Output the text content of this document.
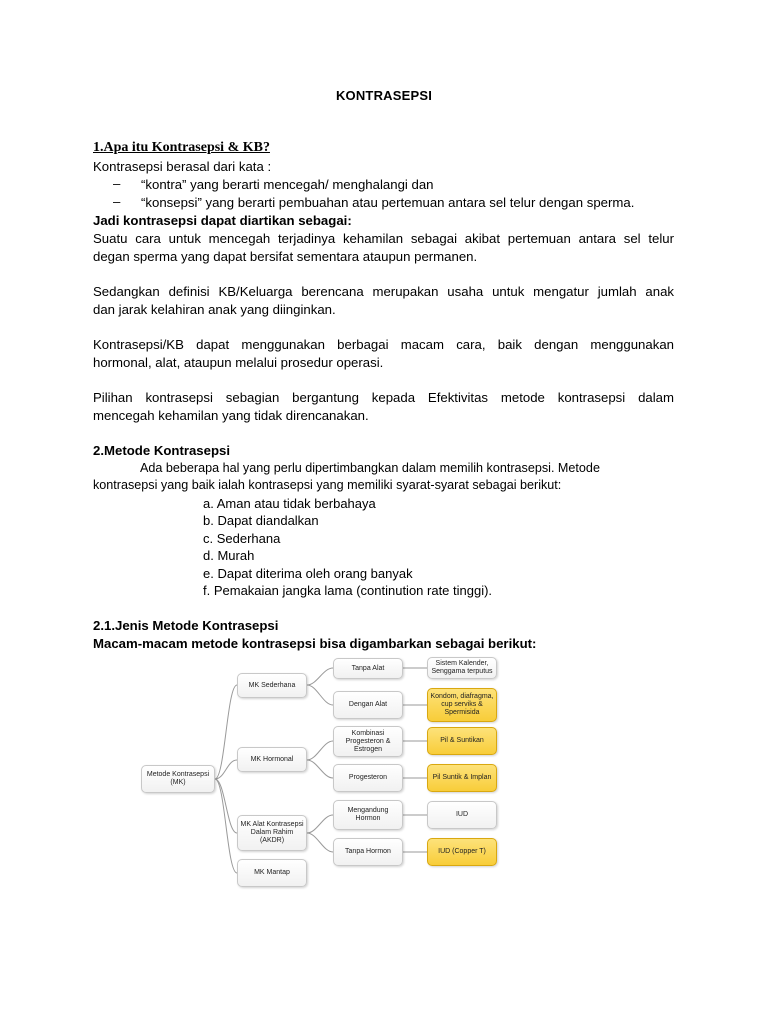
KONTRASEPSI
1.Apa itu Kontrasepsi & KB?
Kontrasepsi berasal dari kata :
– “kontra” yang berarti mencegah/ menghalangi dan
– “konsepsi” yang berarti pembuahan atau pertemuan antara sel telur dengan sperma.
Jadi kontrasepsi dapat diartikan sebagai:
Suatu cara untuk mencegah terjadinya kehamilan sebagai akibat pertemuan antara sel telur
degan sperma yang dapat bersifat sementara ataupun permanen.
Sedangkan definisi KB/Keluarga berencana merupakan usaha untuk mengatur jumlah anak
dan jarak kelahiran anak yang diinginkan.
Kontrasepsi/KB dapat menggunakan berbagai macam cara, baik dengan menggunakan
hormonal, alat, ataupun melalui prosedur operasi.
Pilihan kontrasepsi sebagian bergantung kepada Efektivitas metode kontrasepsi dalam
mencegah kehamilan yang tidak direncanakan.
2.Metode Kontrasepsi
Ada beberapa hal yang perlu dipertimbangkan dalam memilih kontrasepsi. Metode
kontrasepsi yang baik ialah kontrasepsi yang memiliki syarat-syarat sebagai berikut:
a. Aman atau tidak berbahaya
b. Dapat diandalkan
c. Sederhana
d. Murah
e. Dapat diterima oleh orang banyak
f. Pemakaian jangka lama (continution rate tinggi).
2.1.Jenis Metode Kontrasepsi
Macam-macam metode kontrasepsi bisa digambarkan sebagai berikut:
Metode Kontrasepsi (MK)
MK Sederhana
MK Hormonal
MK Alat Kontrasepsi Dalam Rahim (AKDR)
MK Mantap
Tanpa Alat
Dengan Alat
Kombinasi Progesteron & Estrogen
Progesteron
Mengandung Hormon
Tanpa Hormon
Sistem Kalender, Senggama terputus
Kondom, diafragma, cup serviks & Spermisida
Pil & Suntikan
Pil Suntik & Implan
IUD
IUD (Copper T)
